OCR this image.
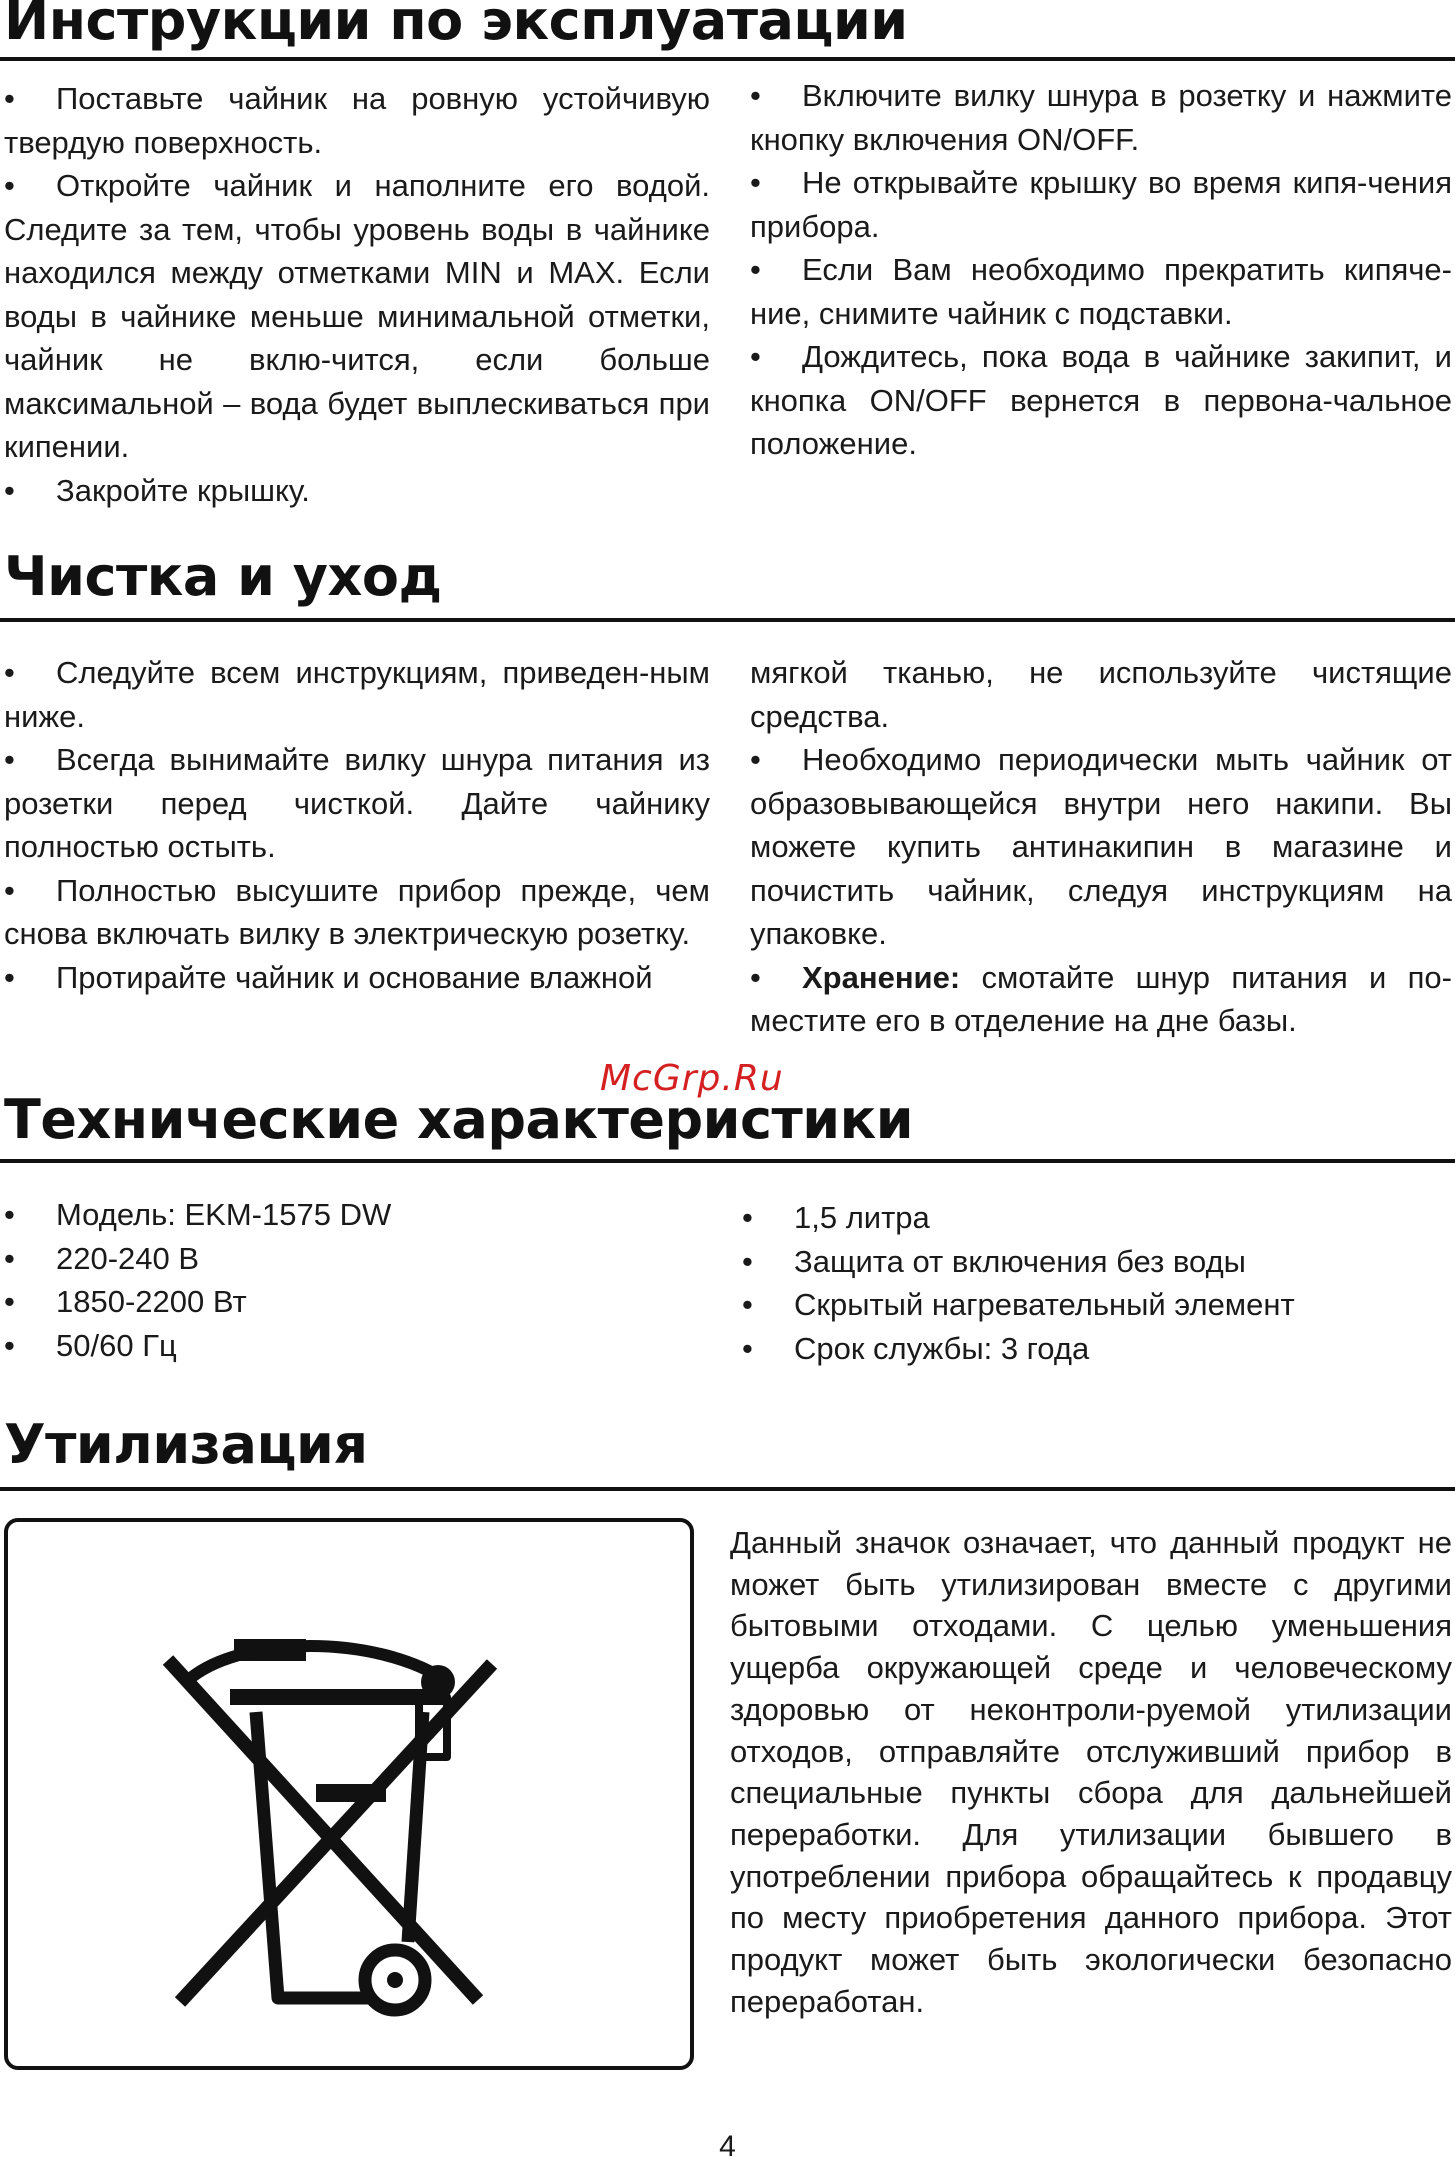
Инструкции по эксплуатации

• Поставьте чайник на ровную устойчивую твердую поверхность.

• Откройте чайник и наполните его водой. Следите за тем, чтобы уровень воды в чайнике находился между отметками MIN и MAX. Если воды в чайнике меньше минимальной отметки, чайник не вклю-чится, если больше максимальной – вода будет выплескиваться при кипении.

• Закройте крышку.

• Включите вилку шнура в розетку и нажмите кнопку включения ON/OFF.

• Не открывайте крышку во время кипя-чения прибора.

• Если Вам необходимо прекратить кипяче-ние, снимите чайник с подставки.

• Дождитесь, пока вода в чайнике закипит, и кнопка ON/OFF вернется в первона-чальное положение.

Чистка и уход

• Следуйте всем инструкциям, приведен-ным ниже.

• Всегда вынимайте вилку шнура питания из розетки перед чисткой. Дайте чайнику полностью остыть.

• Полностью высушите прибор прежде, чем снова включать вилку в электрическую розетку.

• Протирайте чайник и основание влажной

мягкой тканью, не используйте чистящие средства.

• Необходимо периодически мыть чайник от образовывающейся внутри него накипи. Вы можете купить антинакипин в магазине и почистить чайник, следуя инструкциям на упаковке.

• Хранение: смотайте шнур питания и по-местите его в отделение на дне базы.

McGrp.Ru
Технические характеристики
• Модель: EKM-1575 DW
• 220-240 В
• 1850-2200 Вт
• 50/60 Гц
• 1,5 литра
• Защита от включения без воды
• Скрытый нагревательный элемент
• Срок службы: 3 года
Утилизация

Данный значок означает, что данный продукт не может быть утилизирован вместе с другими бытовыми отходами. С целью уменьшения ущерба окружающей среде и человеческому здоровью от неконтроли-руемой утилизации отходов, отправляйте отслуживший прибор в специальные пункты сбора для дальнейшей переработки. Для утилизации бывшего в употреблении прибора обращайтесь к продавцу по месту приобретения данного прибора. Этот продукт может быть экологически безопасно переработан.

4
